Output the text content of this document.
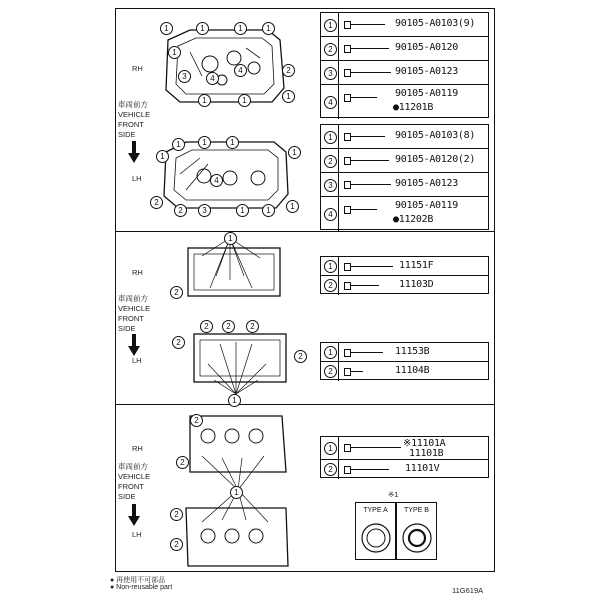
RH
車両前方
VEHICLE
FRONT
SIDE
LH
1	1	1	1
1
3	4
4	2
1	1	1
1	1	1
1
1
4
2
2	3	1	1	1
1	90105-A0103(9)
2	90105-A0120
3	90105-A0123
4
90105-A0119
●11201B
1	90105-A0103(8)
2	90105-A0120(2)
3	90105-A0123
4
90105-A0119
●11202B
RH
車両前方
VEHICLE
FRONT
SIDE
LH
1
2
2	2	2
2
2
1
1	11151F
2	11103D
1	11153B
2	11104B
RH
車両前方
VEHICLE
FRONT
SIDE
LH
2
2
1
2
2
1	※11101A
11101B
2	11101V
※1
TYPE A	TYPE B
● 再使用不可部品
● Non-reusable part	11G619A
